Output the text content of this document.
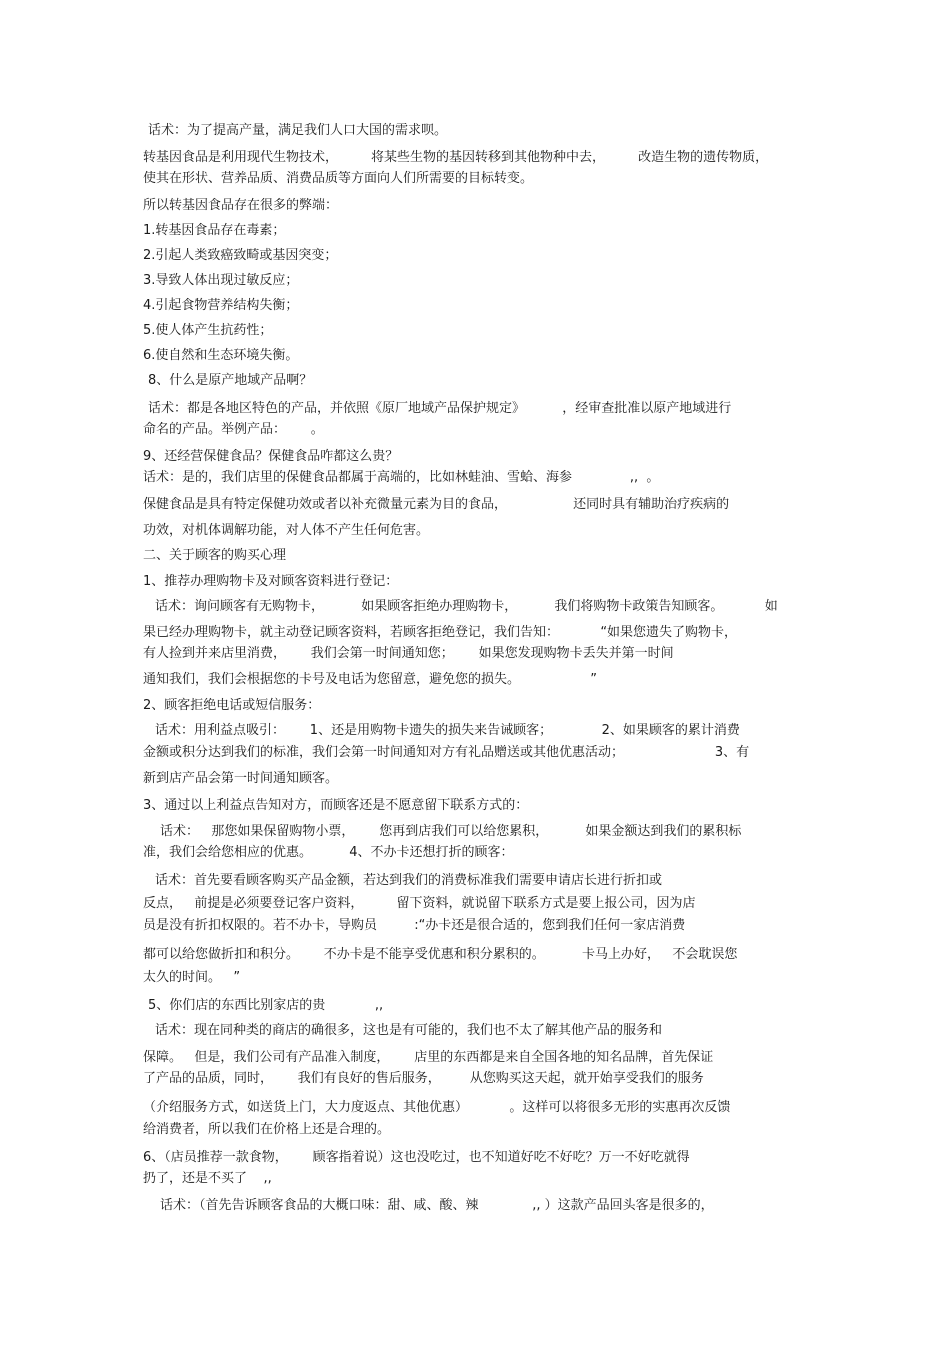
话术：为了提高产量，满足我们人口大国的需求呗。
转基因食品是利用现代生物技术，        将某些生物的基因转移到其他物种中去，        改造生物的遗传物质，
使其在形状、营养品质、消费品质等方面向人们所需要的目标转变。
所以转基因食品存在很多的弊端：
1.转基因食品存在毒素；
2.引起人类致癌致畸或基因突变；
3.导致人体出现过敏反应；
4.引起食物营养结构失衡；
5.使人体产生抗药性；
6.使自然和生态环境失衡。
8、什么是原产地域产品啊？
话术：都是各地区特色的产品，并依照《原厂地域产品保护规定》         ，经审查批准以原产地域进行
命名的产品。举例产品：      。
9、还经营保健食品？保健食品咋都这么贵？
话术：是的，我们店里的保健食品都属于高端的，比如林蛙油、雪蛤、海参              ,,  。
保健食品是具有特定保健功效或者以补充微量元素为目的食品，                还同时具有辅助治疗疾病的
功效，对机体调解功能，对人体不产生任何危害。
二、关于顾客的购买心理
1、推荐办理购物卡及对顾客资料进行登记：
话术：询问顾客有无购物卡，         如果顾客拒绝办理购物卡，         我们将购物卡政策告知顾客。          如
果已经办理购物卡，就主动登记顾客资料，若顾客拒绝登记，我们告知：          “如果您遗失了购物卡，
有人捡到并来店里消费，      我们会第一时间通知您；      如果您发现购物卡丢失并第一时间
通知我们，我们会根据您的卡号及电话为您留意，避免您的损失。                 ”
2、顾客拒绝电话或短信服务：
话术：用利益点吸引：      1、还是用购物卡遗失的损失来告诫顾客；            2、如果顾客的累计消费
金额或积分达到我们的标准，我们会第一时间通知对方有礼品赠送或其他优惠活动；                      3、有
新到店产品会第一时间通知顾客。
3、通过以上利益点告知对方，而顾客还是不愿意留下联系方式的：
话术：   那您如果保留购物小票，      您再到店我们可以给您累积，         如果金额达到我们的累积标
准，我们会给您相应的优惠。         4、不办卡还想打折的顾客：
话术：首先要看顾客购买产品金额，若达到我们的消费标准我们需要申请店长进行折扣或
反点，   前提是必须要登记客户资料，        留下资料，就说留下联系方式是要上报公司，因为店
员是没有折扣权限的。若不办卡，导购员         :“办卡还是很合适的，您到我们任何一家店消费
都可以给您做折扣和积分。      不办卡是不能享受优惠和积分累积的。         卡马上办好，   不会耽误您
太久的时间。   ”
5、你们店的东西比别家店的贵            ,,
话术：现在同种类的商店的确很多，这也是有可能的，我们也不太了解其他产品的服务和
保障。   但是，我们公司有产品准入制度，      店里的东西都是来自全国各地的知名品牌，首先保证
了产品的品质，同时，      我们有良好的售后服务，       从您购买这天起，就开始享受我们的服务
（介绍服务方式，如送货上门，大力度返点、其他优惠）          。这样可以将很多无形的实惠再次反馈
给消费者，所以我们在价格上还是合理的。
6、（店员推荐一款食物，      顾客指着说）这也没吃过，也不知道好吃不好吃？万一不好吃就得
扔了，还是不买了    ,,
话术：（首先告诉顾客食品的大概口味：甜、咸、酸、辣             ,, ）这款产品回头客是很多的，
